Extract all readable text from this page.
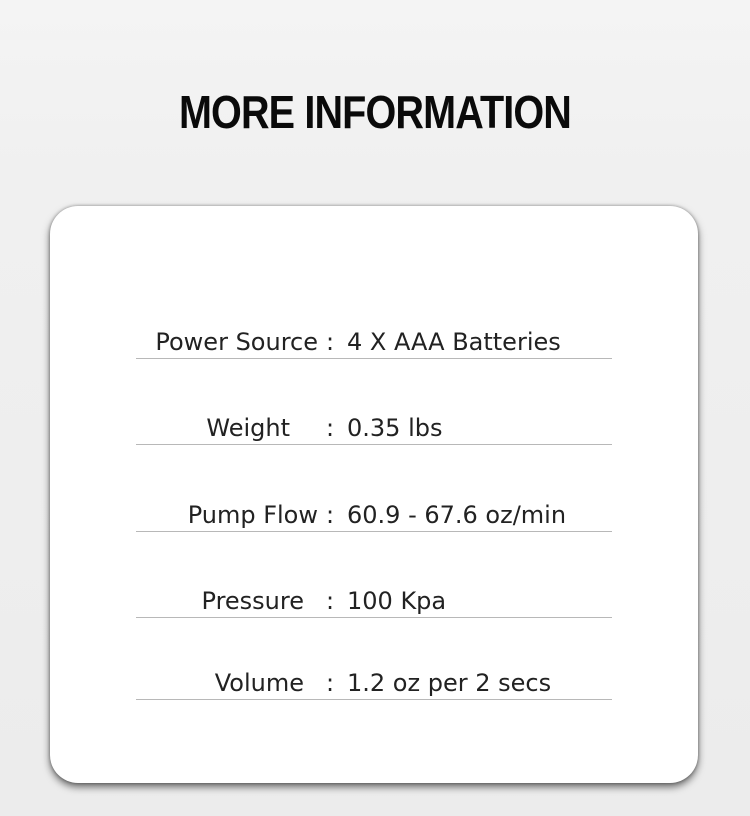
MORE INFORMATION
Power Source : 4 X AAA Batteries
Weight : 0.35 lbs
Pump Flow : 60.9 - 67.6 oz/min
Pressure : 100 Kpa
Volume : 1.2 oz per 2 secs
